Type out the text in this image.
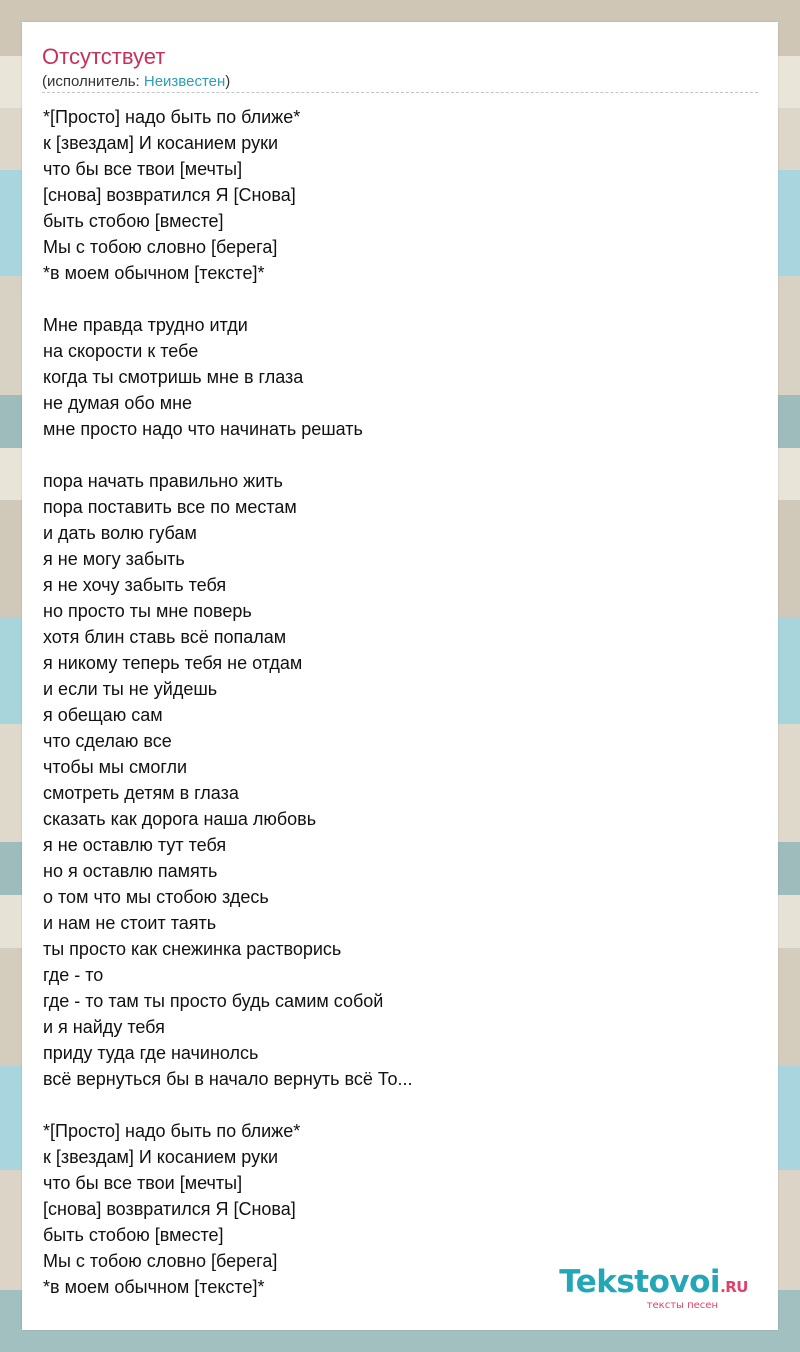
Отсутствует
(исполнитель: Неизвестен)
*[Просто] надо быть по ближе*
к [звездам] И косанием руки
что бы все твои [мечты]
[снова] возвратился Я [Снова]
быть стобою [вместе]
Мы с тобою словно [берега]
*в моем обычном [тексте]*
Мне правда трудно итди
на скорости к тебе
когда ты смотришь мне в глаза
не думая обо мне
мне просто надо что начинать решать
пора начать правильно жить
пора поставить все по местам
и дать волю губам
я не могу забыть
я не хочу забыть тебя
но просто ты мне поверь
хотя блин ставь всё попалам
я никому теперь тебя не отдам
и если ты не уйдешь
я обещаю сам
что сделаю все
чтобы мы смогли
смотреть детям в глаза
сказать как дорога наша любовь
я не оставлю тут тебя
но я оставлю память
о том что мы стобою здесь
и нам не стоит таять
ты просто как снежинка растворись
где - то
где - то там ты просто будь самим собой
и я найду тебя
приду туда где начинолсь
всё вернуться бы в начало вернуть всё То...
*[Просто] надо быть по ближе*
к [звездам] И косанием руки
что бы все твои [мечты]
[снова] возвратился Я [Снова]
быть стобою [вместе]
Мы с тобою словно [берега]
*в моем обычном [тексте]*	Tekstovoi.RU
тексты песен
